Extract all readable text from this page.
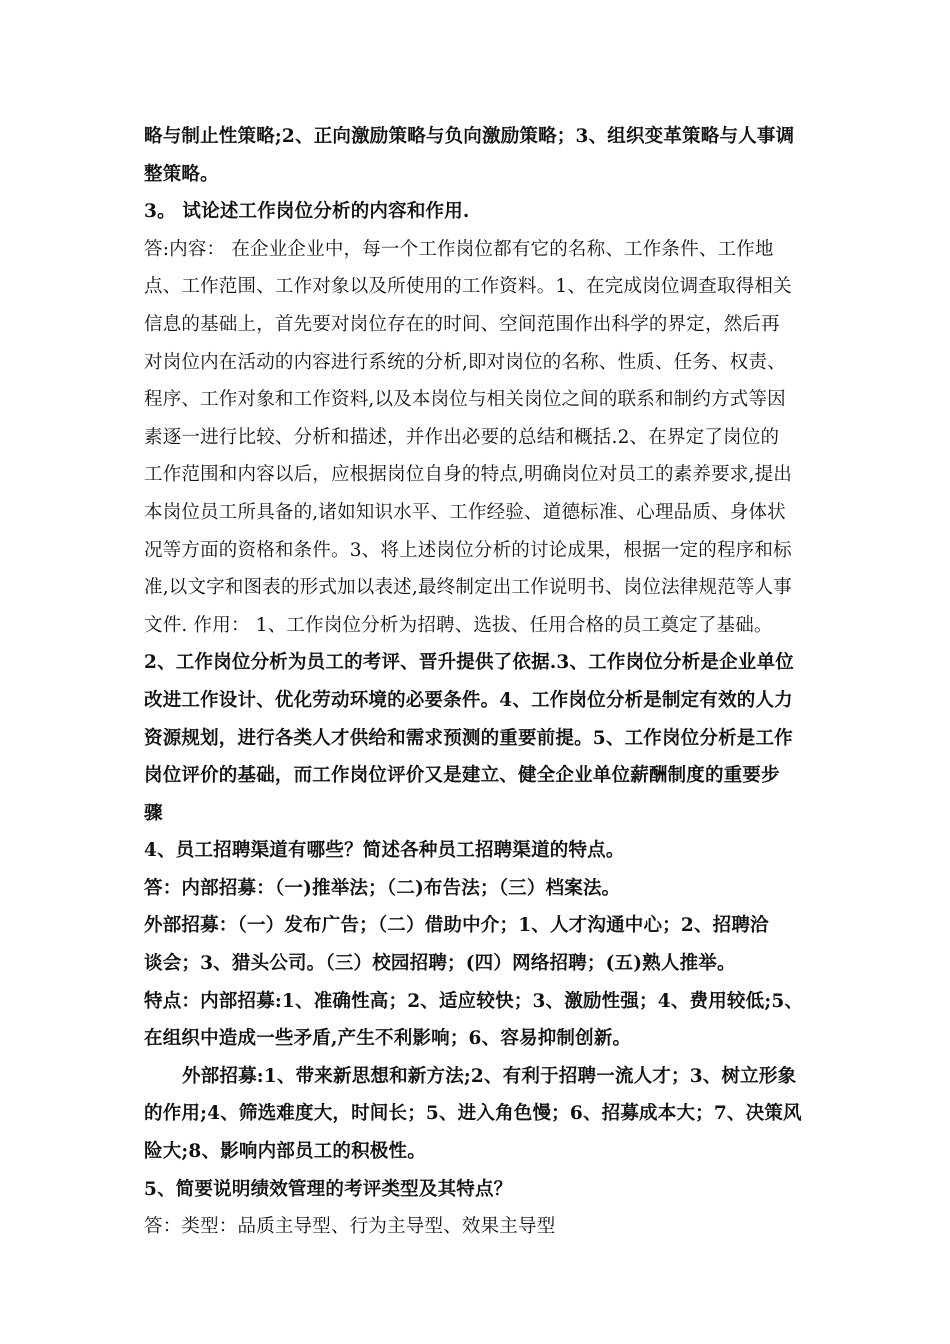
略与制止性策略;2、正向激励策略与负向激励策略；3、组织变革策略与人事调
整策略。
3。 试论述工作岗位分析的内容和作用.
答:内容： 在企业企业中，每一个工作岗位都有它的名称、工作条件、工作地
点、工作范围、工作对象以及所使用的工作资料。1、在完成岗位调查取得相关
信息的基础上，首先要对岗位存在的时间、空间范围作出科学的界定，然后再
对岗位内在活动的内容进行系统的分析,即对岗位的名称、性质、任务、权责、
程序、工作对象和工作资料,以及本岗位与相关岗位之间的联系和制约方式等因
素逐一进行比较、分析和描述，并作出必要的总结和概括.2、在界定了岗位的
工作范围和内容以后，应根据岗位自身的特点,明确岗位对员工的素养要求,提出
本岗位员工所具备的,诸如知识水平、工作经验、道德标准、心理品质、身体状
况等方面的资格和条件。3、将上述岗位分析的讨论成果，根据一定的程序和标
准,以文字和图表的形式加以表述,最终制定出工作说明书、岗位法律规范等人事
文件. 作用： 1、工作岗位分析为招聘、选拔、任用合格的员工奠定了基础。
2、工作岗位分析为员工的考评、晋升提供了依据.3、工作岗位分析是企业单位
改进工作设计、优化劳动环境的必要条件。4、工作岗位分析是制定有效的人力
资源规划，进行各类人才供给和需求预测的重要前提。5、工作岗位分析是工作
岗位评价的基础，而工作岗位评价又是建立、健全企业单位薪酬制度的重要步
骤
4、员工招聘渠道有哪些？简述各种员工招聘渠道的特点。
答：内部招募：（一)推举法；（二)布告法；（三）档案法。
外部招募：（一）发布广告；（二）借助中介；1、人才沟通中心；2、招聘洽
谈会；3、猎头公司。（三）校园招聘；(四）网络招聘；(五)熟人推举。
特点：内部招募:1、准确性高；2、适应较快；3、激励性强；4、费用较低;5、
在组织中造成一些矛盾,产生不利影响；6、容易抑制创新。
外部招募:1、带来新思想和新方法;2、有利于招聘一流人才；3、树立形象
的作用;4、筛选难度大，时间长；5、进入角色慢；6、招募成本大；7、决策风
险大;8、影响内部员工的积极性。
5、简要说明绩效管理的考评类型及其特点？
答：类型：品质主导型、行为主导型、效果主导型
